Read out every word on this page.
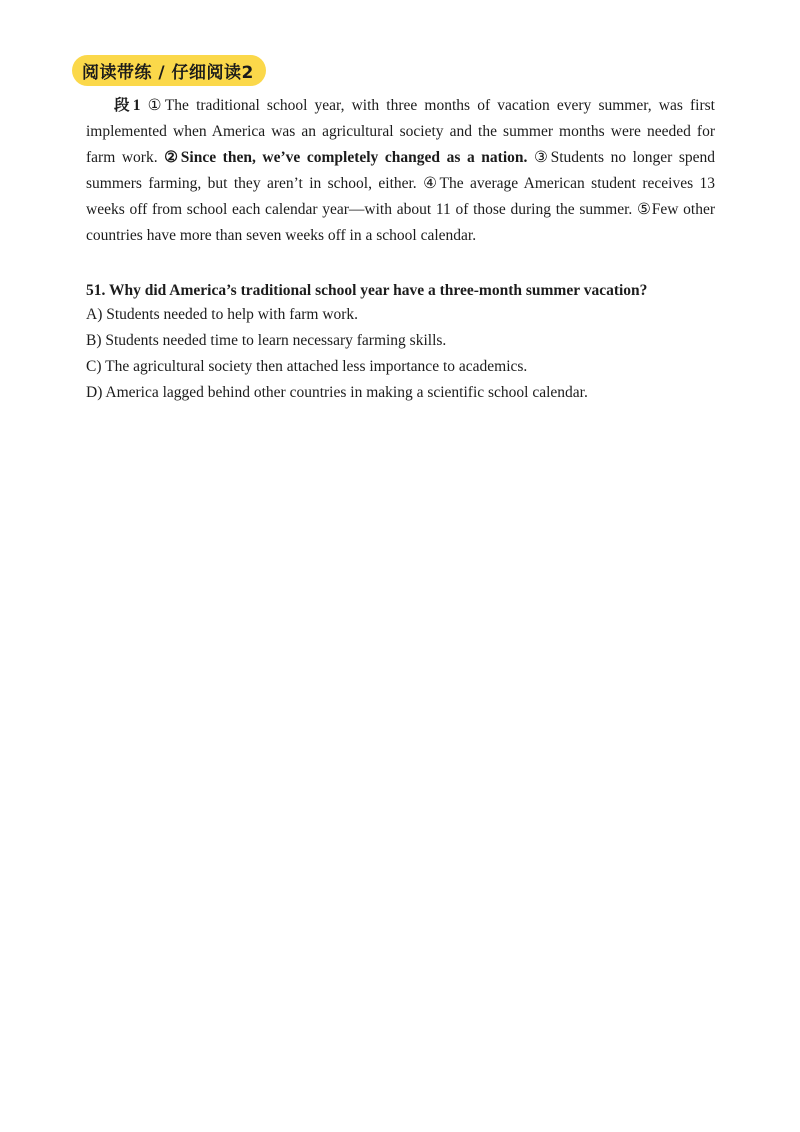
阅读带练 / 仔细阅读2

段1 ①The traditional school year, with three months of vacation every summer, was first implemented when America was an agricultural society and the summer months were needed for farm work. ②Since then, we’ve completely changed as a nation. ③Students no longer spend summers farming, but they aren’t in school, either. ④The average American student receives 13 weeks off from school each calendar year—with about 11 of those during the summer. ⑤Few other countries have more than seven weeks off in a school calendar.

51. Why did America’s traditional school year have a three-month summer vacation?

A) Students needed to help with farm work.
B) Students needed time to learn necessary farming skills.
C) The agricultural society then attached less importance to academics.
D) America lagged behind other countries in making a scientific school calendar.
